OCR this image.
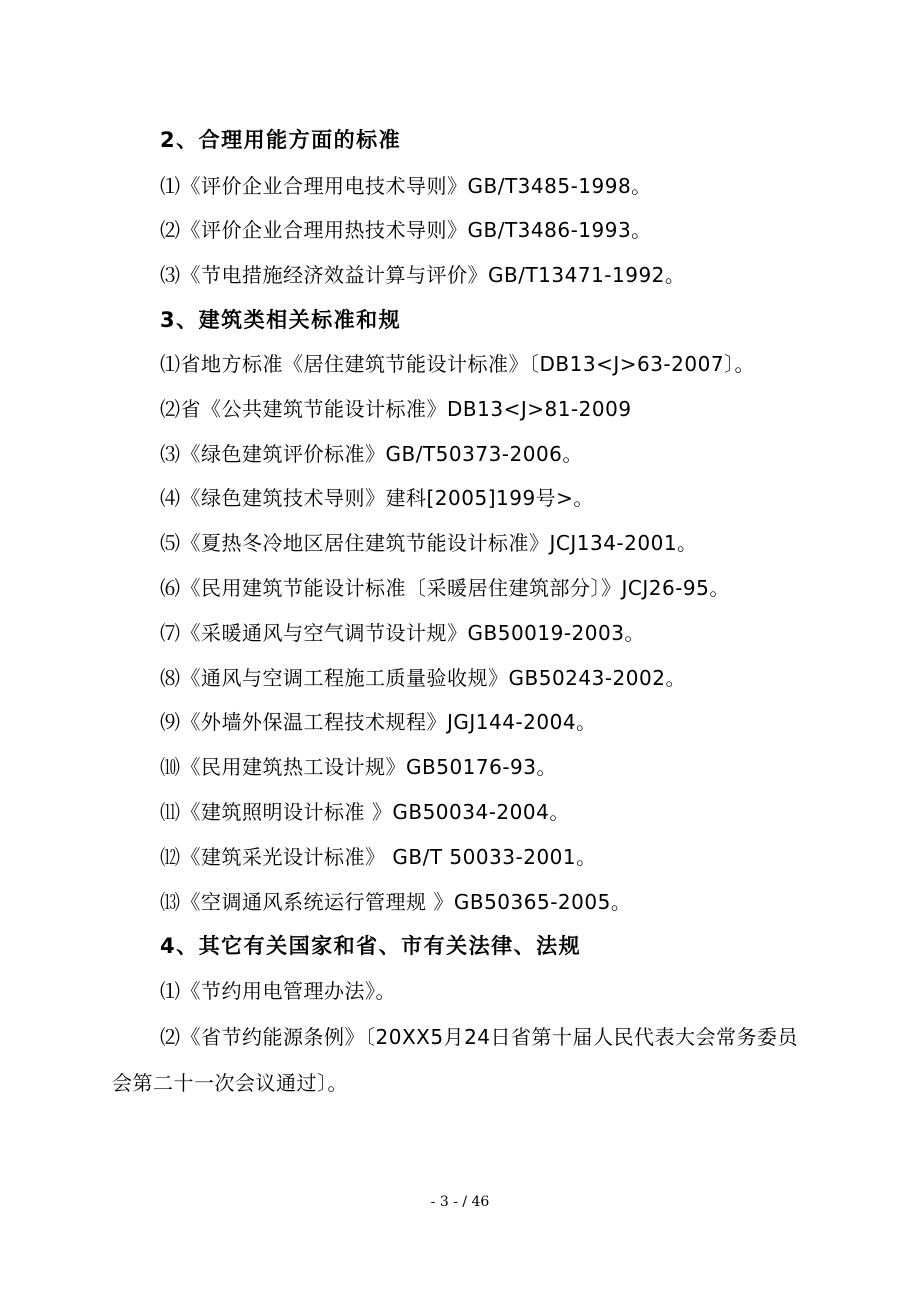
2、合理用能方面的标准
⑴《评价企业合理用电技术导则》GB/T3485-1998。
⑵《评价企业合理用热技术导则》GB/T3486-1993。
⑶《节电措施经济效益计算与评价》GB/T13471-1992。
3、建筑类相关标准和规
⑴省地方标准《居住建筑节能设计标准》〔DB13<J>63-2007〕。
⑵省《公共建筑节能设计标准》DB13<J>81-2009
⑶《绿色建筑评价标准》GB/T50373-2006。
⑷《绿色建筑技术导则》建科[2005]199号>。
⑸《夏热冬冷地区居住建筑节能设计标准》JCJ134-2001。
⑹《民用建筑节能设计标准〔采暖居住建筑部分〕》JCJ26-95。
⑺《采暖通风与空气调节设计规》GB50019-2003。
⑻《通风与空调工程施工质量验收规》GB50243-2002。
⑼《外墙外保温工程技术规程》JGJ144-2004。
⑽《民用建筑热工设计规》GB50176-93。
⑾《建筑照明设计标准 》GB50034-2004。
⑿《建筑采光设计标准》 GB/T 50033-2001。
⒀《空调通风系统运行管理规 》GB50365-2005。
4、其它有关国家和省、市有关法律、法规
⑴《节约用电管理办法》。
⑵《省节约能源条例》〔20XX5月24日省第十届人民代表大会常务委员会第二十一次会议通过〕。
- 3 - / 46
